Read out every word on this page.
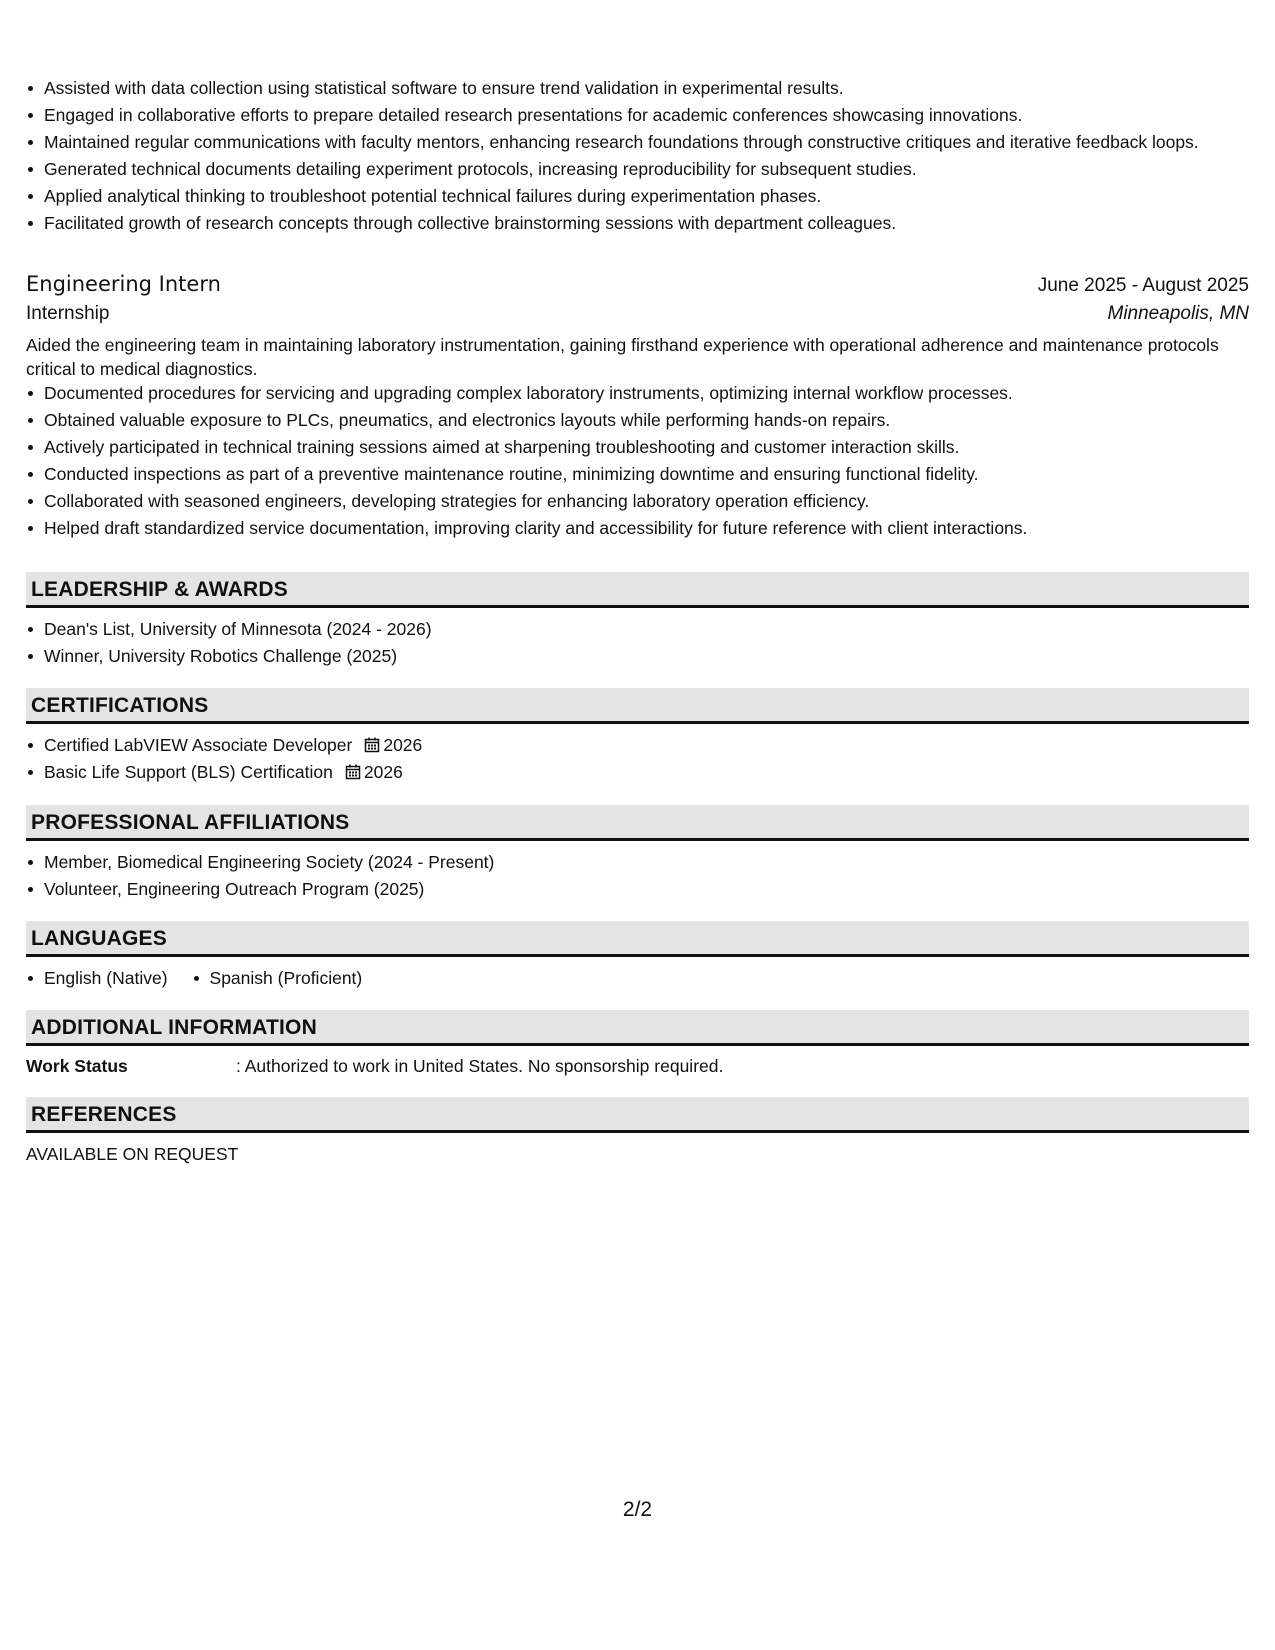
Assisted with data collection using statistical software to ensure trend validation in experimental results.
Engaged in collaborative efforts to prepare detailed research presentations for academic conferences showcasing innovations.
Maintained regular communications with faculty mentors, enhancing research foundations through constructive critiques and iterative feedback loops.
Generated technical documents detailing experiment protocols, increasing reproducibility for subsequent studies.
Applied analytical thinking to troubleshoot potential technical failures during experimentation phases.
Facilitated growth of research concepts through collective brainstorming sessions with department colleagues.
Engineering Intern	June 2025 - August 2025
Internship	Minneapolis, MN
Aided the engineering team in maintaining laboratory instrumentation, gaining firsthand experience with operational adherence and maintenance protocols critical to medical diagnostics.
Documented procedures for servicing and upgrading complex laboratory instruments, optimizing internal workflow processes.
Obtained valuable exposure to PLCs, pneumatics, and electronics layouts while performing hands-on repairs.
Actively participated in technical training sessions aimed at sharpening troubleshooting and customer interaction skills.
Conducted inspections as part of a preventive maintenance routine, minimizing downtime and ensuring functional fidelity.
Collaborated with seasoned engineers, developing strategies for enhancing laboratory operation efficiency.
Helped draft standardized service documentation, improving clarity and accessibility for future reference with client interactions.
LEADERSHIP & AWARDS
Dean's List, University of Minnesota (2024 - 2026)
Winner, University Robotics Challenge (2025)
CERTIFICATIONS
Certified LabVIEW Associate Developer 2026
Basic Life Support (BLS) Certification 2026
PROFESSIONAL AFFILIATIONS
Member, Biomedical Engineering Society (2024 - Present)
Volunteer, Engineering Outreach Program (2025)
LANGUAGES
English (Native)	Spanish (Proficient)
ADDITIONAL INFORMATION
Work Status	: Authorized to work in United States. No sponsorship required.
REFERENCES
AVAILABLE ON REQUEST
2/2
